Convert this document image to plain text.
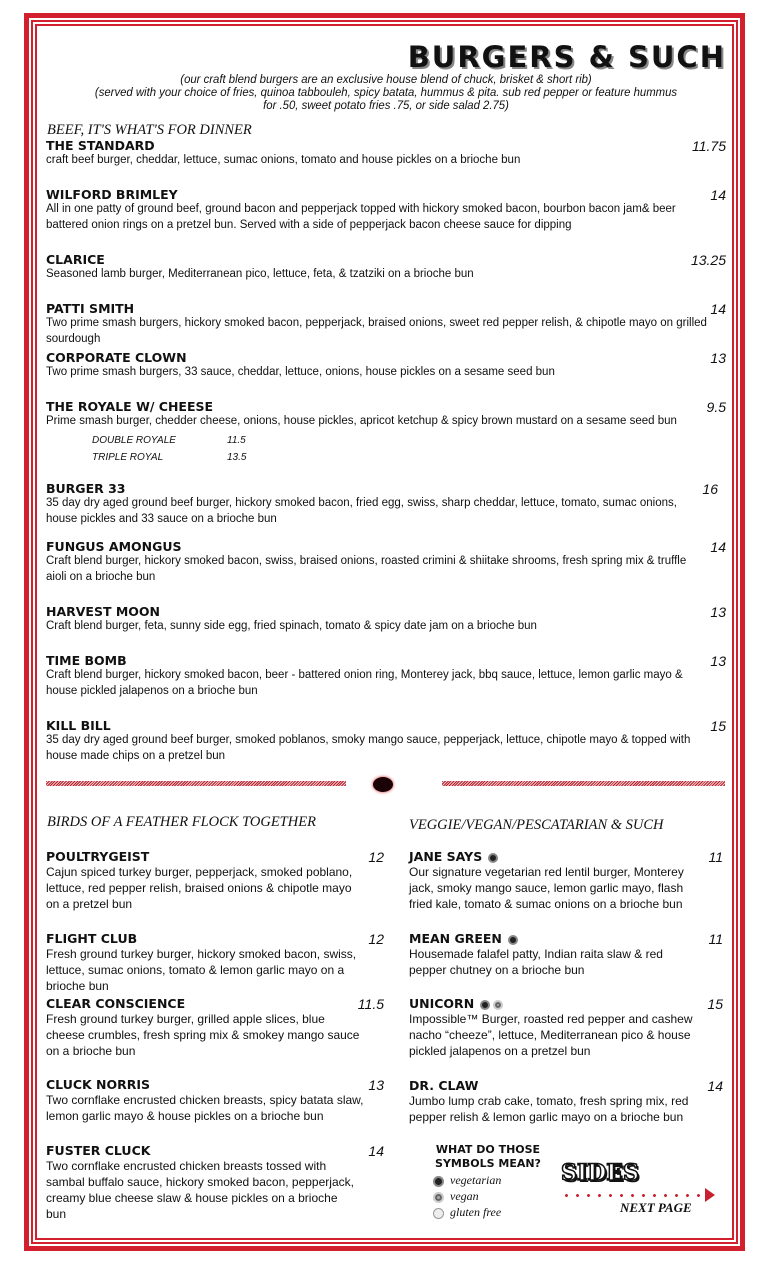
BURGERS & SUCH
(our craft blend burgers are an exclusive house blend of chuck, brisket & short rib)
(served with your choice of fries, quinoa tabbouleh, spicy batata, hummus & pita. sub red pepper or feature hummus
for .50, sweet potato fries .75, or side salad 2.75)
BEEF, IT'S WHAT'S FOR DINNER
THE STANDARD
craft beef burger, cheddar, lettuce, sumac onions, tomato and house pickles on a brioche bun
11.75
WILFORD BRIMLEY
All in one patty of ground beef, ground bacon and pepperjack topped with hickory smoked bacon, bourbon bacon jam& beer battered onion rings on a pretzel bun. Served with a side of pepperjack bacon cheese sauce for dipping
14
CLARICE
Seasoned lamb burger, Mediterranean pico, lettuce, feta, & tzatziki on a brioche bun
13.25
PATTI SMITH
Two prime smash burgers, hickory smoked bacon, pepperjack, braised onions, sweet red pepper relish, & chipotle mayo on grilled sourdough
14
CORPORATE CLOWN
Two prime smash burgers, 33 sauce, cheddar, lettuce, onions, house pickles on a sesame seed bun
13
THE ROYALE W/ CHEESE
Prime smash burger, chedder cheese, onions, house pickles, apricot ketchup & spicy brown mustard on a sesame seed bun
9.5
DOUBLE ROYALE	11.5
TRIPLE ROYAL	13.5
BURGER 33
35 day dry aged ground beef burger, hickory smoked bacon, fried egg, swiss, sharp cheddar, lettuce, tomato, sumac onions, house pickles and 33 sauce on a brioche bun
16
FUNGUS AMONGUS
Craft blend burger, hickory smoked bacon, swiss, braised onions, roasted crimini & shiitake shrooms, fresh spring mix & truffle aioli on a brioche bun
14
HARVEST MOON
Craft blend burger, feta, sunny side egg, fried spinach, tomato & spicy date jam on a brioche bun
13
TIME BOMB
Craft blend burger, hickory smoked bacon, beer - battered onion ring, Monterey jack, bbq sauce, lettuce, lemon garlic mayo & house pickled jalapenos on a brioche bun
13
KILL BILL
35 day dry aged ground beef burger, smoked poblanos, smoky mango sauce, pepperjack, lettuce, chipotle mayo & topped with house made chips on a pretzel bun
15
BIRDS OF A FEATHER FLOCK TOGETHER
POULTRYGEIST
Cajun spiced turkey burger, pepperjack, smoked poblano, lettuce, red pepper relish, braised onions & chipotle mayo on a pretzel bun
12
FLIGHT CLUB
Fresh ground turkey burger, hickory smoked bacon, swiss, lettuce, sumac onions, tomato & lemon garlic mayo on a brioche bun
12
CLEAR CONSCIENCE
Fresh ground turkey burger, grilled apple slices, blue cheese crumbles, fresh spring mix & smokey mango sauce on a brioche bun
11.5
CLUCK NORRIS
Two cornflake encrusted chicken breasts, spicy batata slaw, lemon garlic mayo & house pickles on a brioche bun
13
FUSTER CLUCK
Two cornflake encrusted chicken breasts tossed with sambal buffalo sauce, hickory smoked bacon, pepperjack, creamy blue cheese slaw & house pickles on a brioche bun
14
VEGGIE/VEGAN/PESCATARIAN & SUCH
JANE SAYS
Our signature vegetarian red lentil burger, Monterey jack, smoky mango sauce, lemon garlic mayo, flash fried kale, tomato & sumac onions on a brioche bun
11
MEAN GREEN
Housemade falafel patty, Indian raita slaw & red pepper chutney on a brioche bun
11
UNICORN
Impossible™ Burger, roasted red pepper and cashew nacho “cheeze”, lettuce, Mediterranean pico & house pickled jalapenos on a pretzel bun
15
DR. CLAW
Jumbo lump crab cake, tomato, fresh spring mix, red pepper relish & lemon garlic mayo on a brioche bun
14
WHAT DO THOSE
SYMBOLS MEAN?
vegetarian
vegan
gluten free
SIDES
NEXT PAGE
